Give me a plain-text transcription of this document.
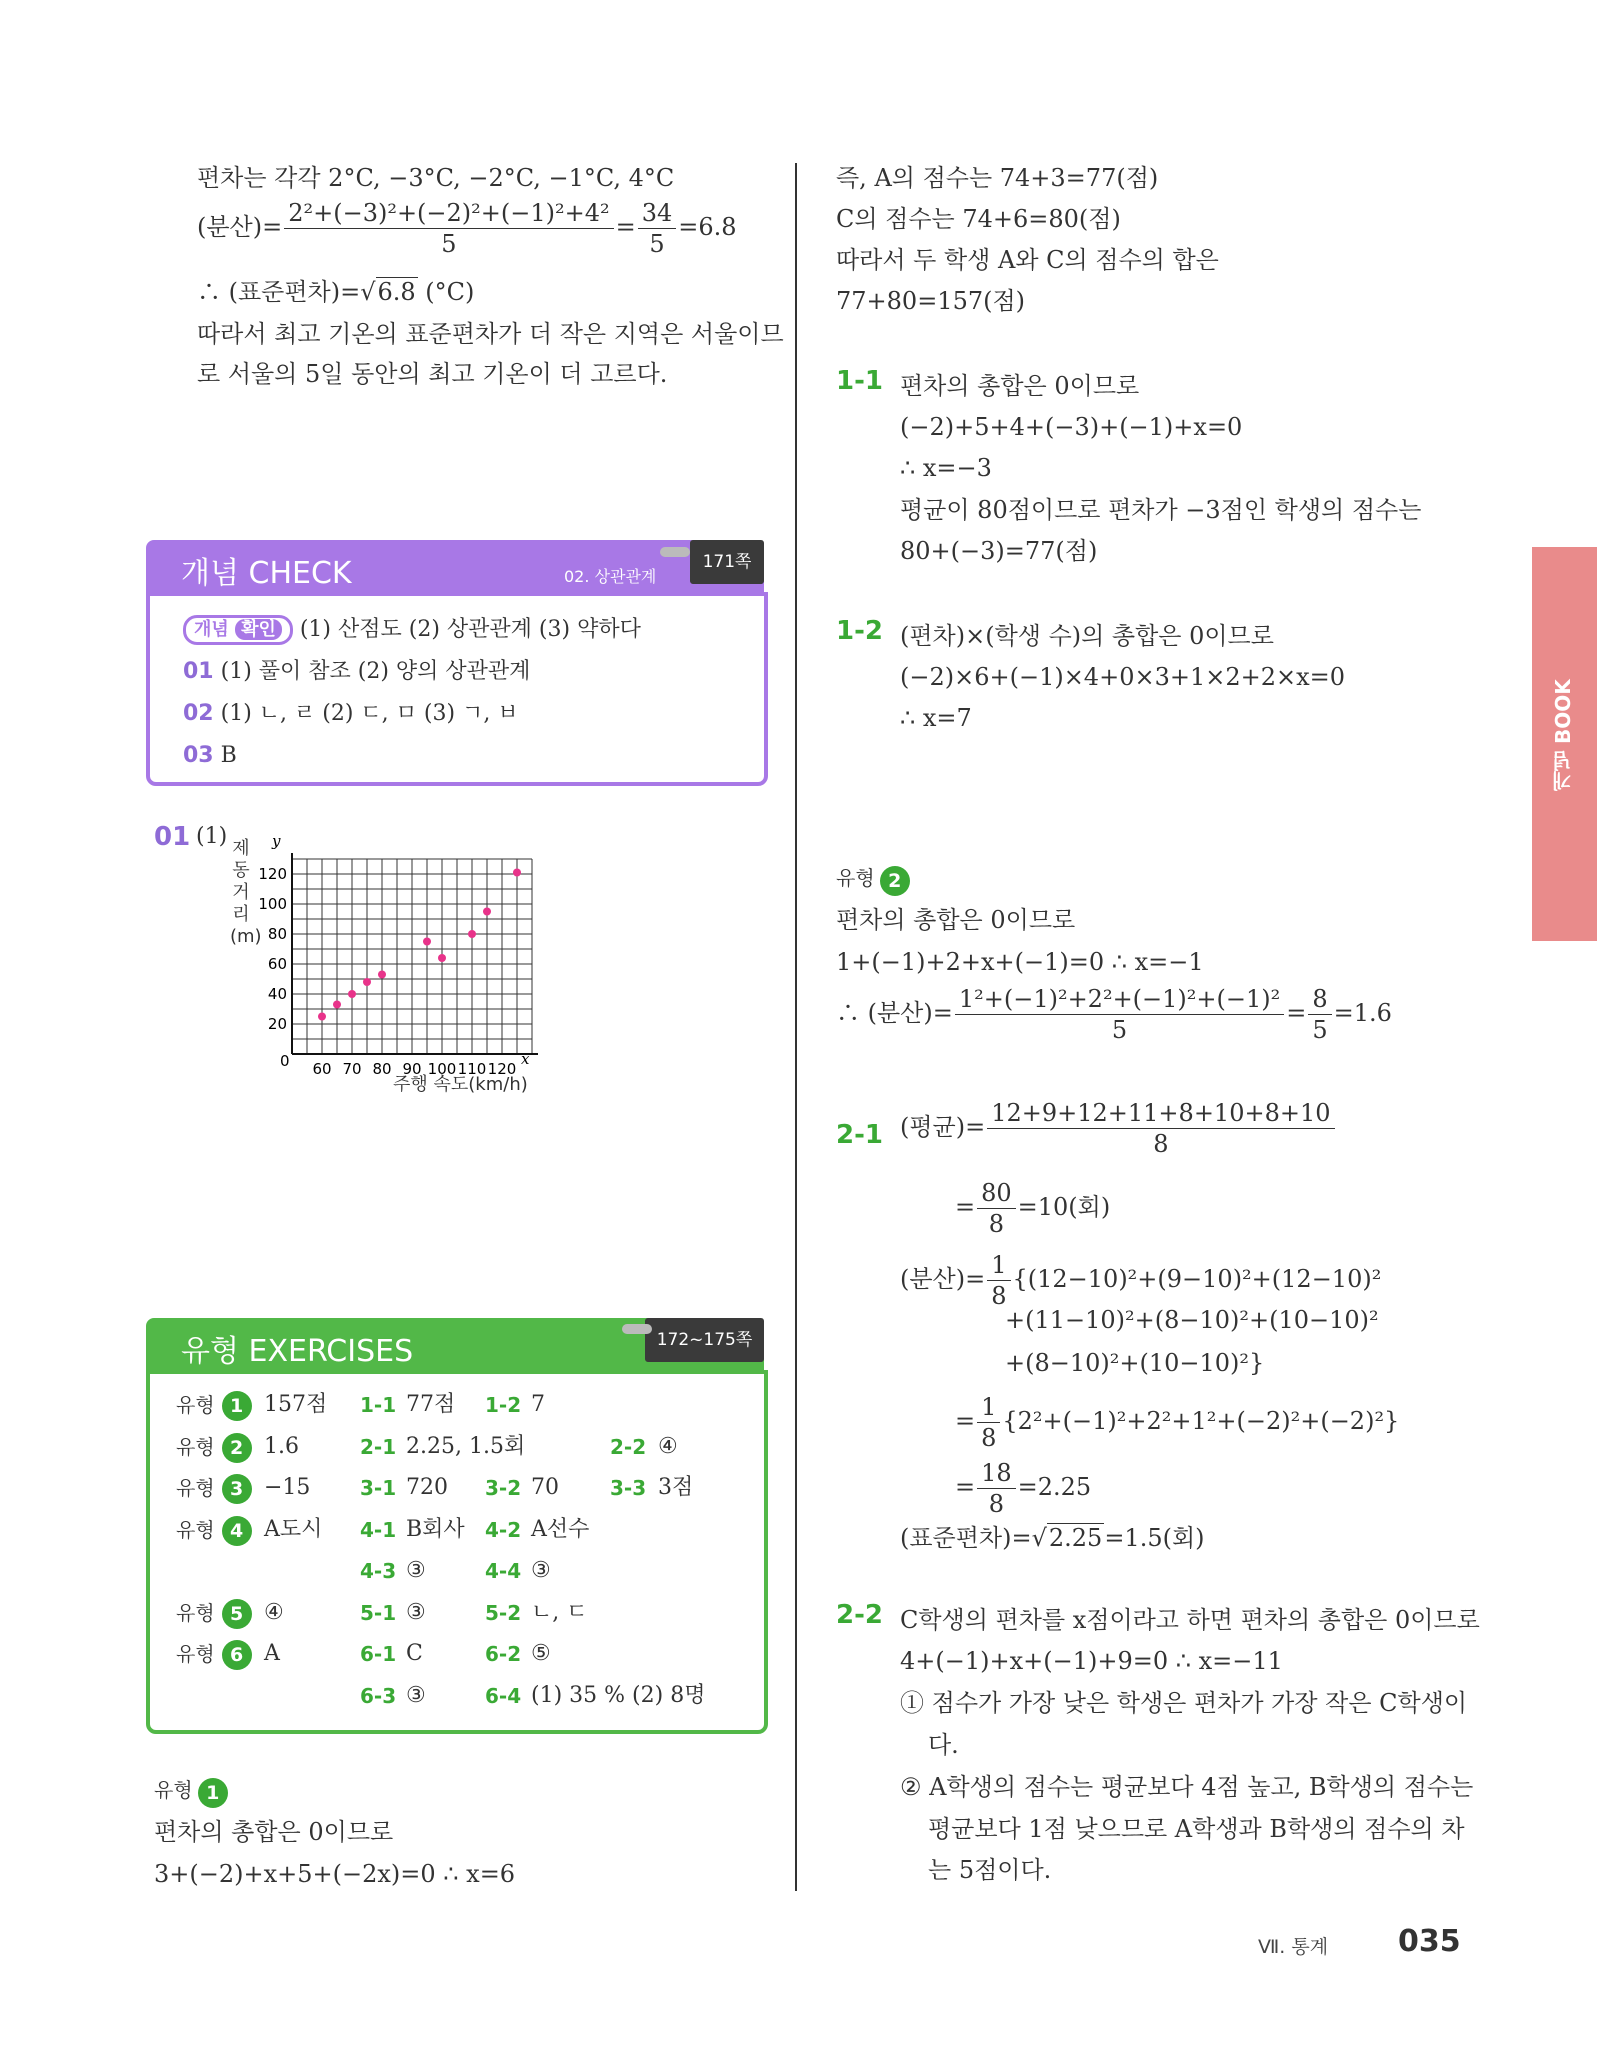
편차는 각각 2°C, −3°C, −2°C, −1°C, 4°C
(분산)= $\frac{\text{2²+(−3)²+(−2)²+(−1)²+4²}}{5} = \frac{34}{5} =6.8$
∴ (표준편차)=√6.8 (°C)
따라서 최고 기온의 표준편차가 더 작은 지역은 서울이므
로 서울의 5일 동안의 최고 기온이 더 고르다.
개념 CHECK	02. 상관관계
171쪽
개념 확인 (1) 산점도 (2) 상관관계 (3) 약하다
01 (1) 풀이 참조 (2) 양의 상관관계
02 (1) ㄴ, ㄹ (2) ㄷ, ㅁ (3) ㄱ, ㅂ
03 B
01 (1)
20
40
60
80
100
120
60 70 80 90 100 110 120
y
x
0
제동 거리(m)
주행 속도(km/h)
유형 EXERCISES	172~175쪽
유형 1 157점 1-1 77점 1-2 7
유형 2 1.6	2-1 2.25, 1.5회	2-2 ④
유형 3 −15 3-1 720 3-2 70	3-3 3점
유형 4 A도시 4-1 B회사 4-2 A선수
4-3 ③	4-4 ③
유형 5 ④	5-1 ③	5-2 ㄴ, ㄷ
유형 6 A	6-1 C	6-2 ⑤
6-3 ③	6-4 (1) 35 % (2) 8명
유형 1
편차의 총합은 0이므로
3+(−2)+x+5+(−2x)=0 ∴ x=6
즉, A의 점수는 74+3=77(점)
C의 점수는 74+6=80(점)
따라서 두 학생 A와 C의 점수의 합은
77+80=157(점)
1-1 편차의 총합은 0이므로
(−2)+5+4+(−3)+(−1)+x=0
∴ x=−3
평균이 80점이므로 편차가 −3점인 학생의 점수는
80+(−3)=77(점)
1-2 (편차)×(학생 수)의 총합은 0이므로
(−2)×6+(−1)×4+0×3+1×2+2×x=0
∴ x=7
유형 2
편차의 총합은 0이므로
1+(−1)+2+x+(−1)=0 ∴ x=−1
∴ (분산)= $\frac{\text{1²+(−1)²+2²+(−1)²+(−1)²}}{5} = \frac{8}{5} =1.6$
2-1 (평균)= $\frac{12+9+12+11+8+10+8+10}{8}$
= $\frac{80}{8} =10$(회)
(분산)= $\frac{1}{8} \{(12-10)^2+(9-10)^2+(12-10)^2$
+(11−10)²+(8−10)²+(10−10)²
+(8−10)²+(10−10)²}
= $\frac{1}{8} \{2^2+(-1)^2+2^2+1^2+(-2)^2+(-2)^2\}$
= $\frac{18}{8} =2.25$
(표준편차)=√2.25=1.5(회)
2-2 C학생의 편차를 x점이라고 하면 편차의 총합은 0이므로
4+(−1)+x+(−1)+9=0 ∴ x=−11
① 점수가 가장 낮은 학생은 편차가 가장 작은 C학생이
다.
② A학생의 점수는 평균보다 4점 높고, B학생의 점수는
평균보다 1점 낮으므로 A학생과 B학생의 점수의 차
는 5점이다.
개념 BOOK
Ⅶ. 통계 035
